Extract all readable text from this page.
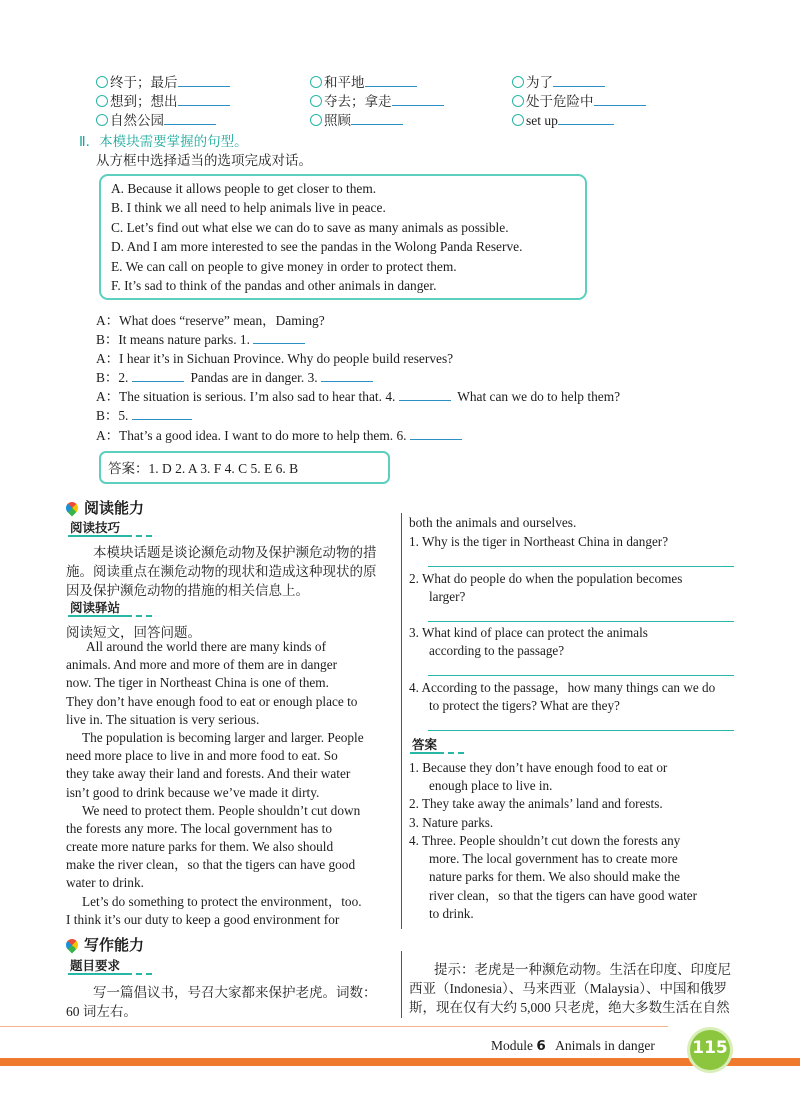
终于；最后	和平地	为了
想到；想出	夺去；拿走	处于危险中
自然公园	照顾	set up
Ⅱ．本模块需要掌握的句型。
从方框中选择适当的选项完成对话。
A. Because it allows people to get closer to them.
B. I think we all need to help animals live in peace.
C. Let’s find out what else we can do to save as many animals as possible.
D. And I am more interested to see the pandas in the Wolong Panda Reserve.
E. We can call on people to give money in order to protect them.
F. It’s sad to think of the pandas and other animals in danger.
A：What does “reserve” mean，Daming?
B：It means nature parks. 1.
A：I hear it’s in Sichuan Province. Why do people build reserves?
B：2.	Pandas are in danger. 3.
A：The situation is serious. I’m also sad to hear that. 4.	What can we do to help them?
B：5.
A：That’s a good idea. I want to do more to help them. 6.
答案：1. D 2. A 3. F 4. C 5. E 6. B
阅读能力
阅读技巧
本模块话题是谈论濒危动物及保护濒危动物的措
施。阅读重点在濒危动物的现状和造成这种现状的原
因及保护濒危动物的措施的相关信息上。
阅读驿站
阅读短文，回答问题。
All around the world there are many kinds of
animals. And more and more of them are in danger
now. The tiger in Northeast China is one of them.
They don’t have enough food to eat or enough place to
live in. The situation is very serious.
The population is becoming larger and larger. People
need more place to live in and more food to eat. So
they take away their land and forests. And their water
isn’t good to drink because we’ve made it dirty.
We need to protect them. People shouldn’t cut down
the forests any more. The local government has to
create more nature parks for them. We also should
make the river clean，so that the tigers can have good
water to drink.
Let’s do something to protect the environment，too.
I think it’s our duty to keep a good environment for
both the animals and ourselves.
1. Why is the tiger in Northeast China in danger?
2. What do people do when the population becomes
larger?
3. What kind of place can protect the animals
according to the passage?
4. According to the passage，how many things can we do
to protect the tigers? What are they?
答案
1. Because they don’t have enough food to eat or
enough place to live in.
2. They take away the animals’ land and forests.
3. Nature parks.
4. Three. People shouldn’t cut down the forests any
more. The local government has to create more
nature parks for them. We also should make the
river clean，so that the tigers can have good water
to drink.
写作能力
题目要求
写一篇倡议书，号召大家都来保护老虎。词数：
60 词左右。
提示：老虎是一种濒危动物。生活在印度、印度尼
西亚（Indonesia）、马来西亚（Malaysia）、中国和俄罗
斯，现在仅有大约 5,000 只老虎，绝大多数生活在自然
Module 6 Animals in danger 115
